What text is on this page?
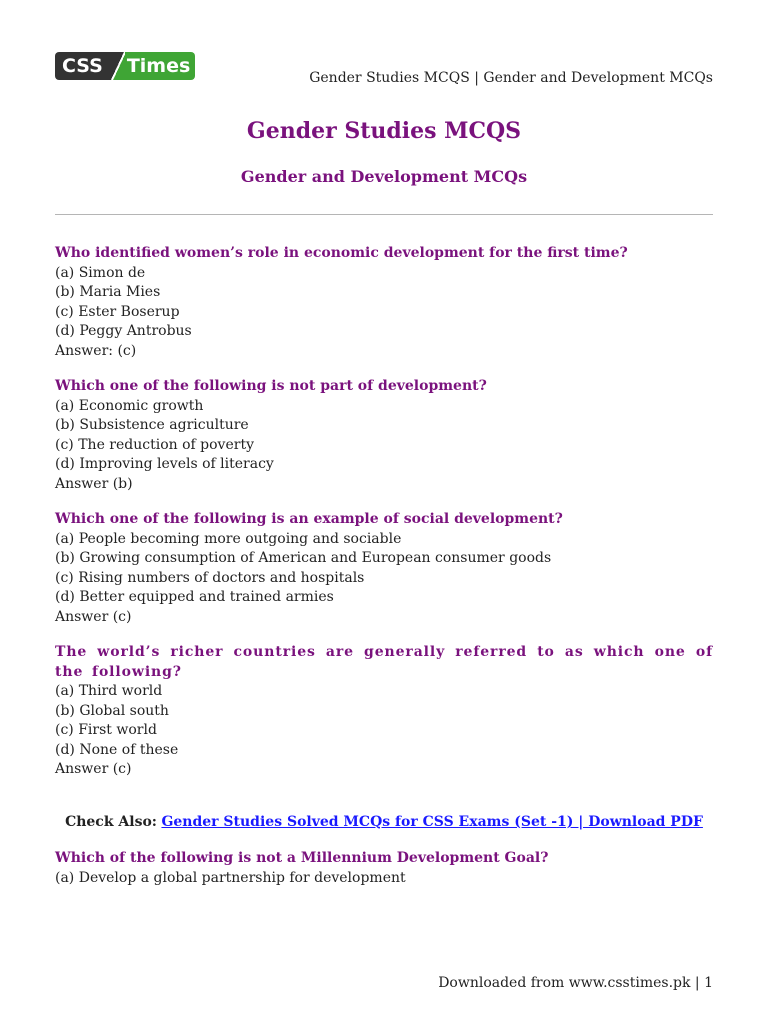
CSS	Times
Gender Studies MCQS | Gender and Development MCQs
Gender Studies MCQS
Gender and Development MCQs
Who identified women’s role in economic development for the first time?
(a) Simon de
(b) Maria Mies
(c) Ester Boserup
(d) Peggy Antrobus
Answer: (c)
Which one of the following is not part of development?
(a) Economic growth
(b) Subsistence agriculture
(c) The reduction of poverty
(d) Improving levels of literacy
Answer (b)
Which one of the following is an example of social development?
(a) People becoming more outgoing and sociable
(b) Growing consumption of American and European consumer goods
(c) Rising numbers of doctors and hospitals
(d) Better equipped and trained armies
Answer (c)
The world’s richer countries are generally referred to as which one of the following?
(a) Third world
(b) Global south
(c) First world
(d) None of these
Answer (c)
Check Also: Gender Studies Solved MCQs for CSS Exams (Set -1) | Download PDF
Which of the following is not a Millennium Development Goal?
(a) Develop a global partnership for development
Downloaded from www.csstimes.pk | 1
